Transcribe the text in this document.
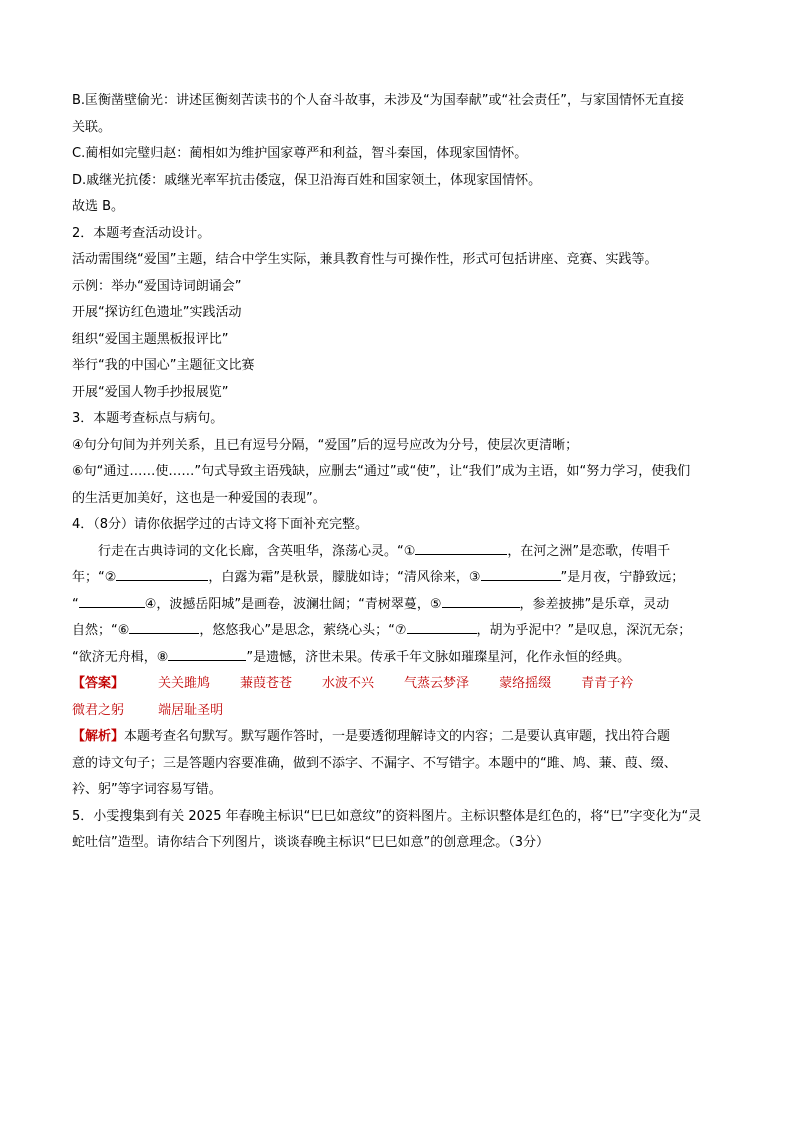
B.匡衡凿壁偷光：讲述匡衡刻苦读书的个人奋斗故事，未涉及“为国奉献”或“社会责任”，与家国情怀无直接
关联。
C.蔺相如完璧归赵：蔺相如为维护国家尊严和利益，智斗秦国，体现家国情怀。
D.戚继光抗倭：戚继光率军抗击倭寇，保卫沿海百姓和国家领土，体现家国情怀。
故选 B。
2．本题考查活动设计。
活动需围绕“爱国”主题，结合中学生实际，兼具教育性与可操作性，形式可包括讲座、竞赛、实践等。
示例：举办“爱国诗词朗诵会”
开展“探访红色遗址”实践活动
组织“爱国主题黑板报评比”
举行“我的中国心”主题征文比赛
开展“爱国人物手抄报展览”
3．本题考查标点与病句。
④句分句间为并列关系，且已有逗号分隔，“爱国”后的逗号应改为分号，使层次更清晰；
⑥句“通过……使……”句式导致主语残缺，应删去“通过”或“使”，让“我们”成为主语，如“努力学习，使我们
的生活更加美好，这也是一种爱国的表现”。
4．（8分）请你依据学过的古诗文将下面补充完整。
行走在古典诗词的文化长廊，含英咀华，涤荡心灵。“①	，在河之洲”是恋歌，传唱千
年；“②	，白露为霜”是秋景，朦胧如诗；“清风徐来，③	”是月夜，宁静致远；
“	④，波撼岳阳城”是画卷，波澜壮阔；“青树翠蔓，⑤	，参差披拂”是乐章，灵动
自然；“⑥	，悠悠我心”是思念，萦绕心头；“⑦	，胡为乎泥中？”是叹息，深沉无奈；
“欲济无舟楫，⑧	”是遗憾，济世未果。传承千年文脉如璀璨星河，化作永恒的经典。
【答案】	关关雎鸠 蒹葭苍苍 水波不兴 气蒸云梦泽 蒙络摇缀 青青子衿
微君之躬	端居耻圣明
【解析】本题考查名句默写。默写题作答时，一是要透彻理解诗文的内容；二是要认真审题，找出符合题
意的诗文句子；三是答题内容要准确，做到不添字、不漏字、不写错字。本题中的“雎、鸠、蒹、葭、缀、
衿、躬”等字词容易写错。
5．小雯搜集到有关 2025 年春晚主标识“巳巳如意纹”的资料图片。主标识整体是红色的，将“巳”字变化为“灵
蛇吐信”造型。请你结合下列图片，谈谈春晚主标识“巳巳如意”的创意理念。（3分）
